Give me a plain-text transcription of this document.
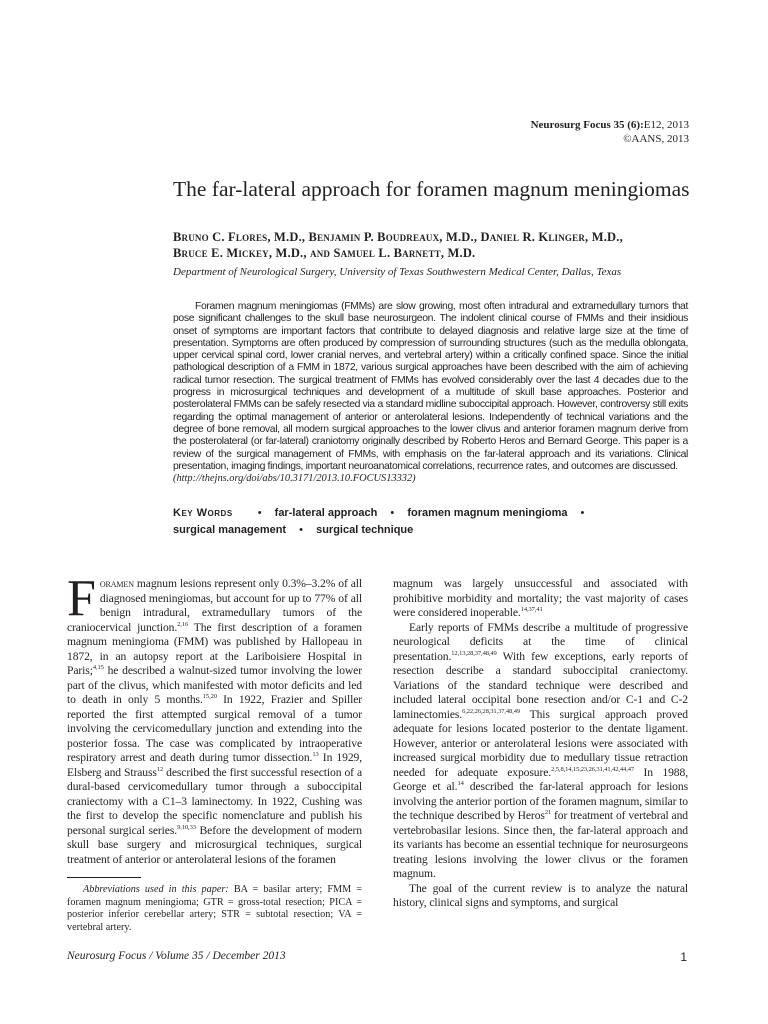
Neurosurg Focus 35 (6):E12, 2013
©AANS, 2013
The far-lateral approach for foramen magnum meningiomas
Bruno C. Flores, M.D., Benjamin P. Boudreaux, M.D., Daniel R. Klinger, M.D.,
Bruce E. Mickey, M.D., and Samuel L. Barnett, M.D.
Department of Neurological Surgery, University of Texas Southwestern Medical Center, Dallas, Texas

Foramen magnum meningiomas (FMMs) are slow growing, most often intradural and extramedullary tumors that pose significant challenges to the skull base neurosurgeon. The indolent clinical course of FMMs and their insidious onset of symptoms are important factors that contribute to delayed diagnosis and relative large size at the time of presentation. Symptoms are often produced by compression of surrounding structures (such as the medulla oblongata, upper cervical spinal cord, lower cranial nerves, and vertebral artery) within a critically confined space. Since the initial pathological description of a FMM in 1872, various surgical approaches have been described with the aim of achieving radical tumor resection. The surgical treatment of FMMs has evolved considerably over the last 4 decades due to the progress in microsurgical techniques and development of a multitude of skull base approaches. Posterior and posterolateral FMMs can be safely resected via a standard midline suboccipital approach. However, controversy still exits regarding the optimal management of anterior or anterolateral lesions. Independently of technical variations and the degree of bone removal, all modern surgical approaches to the lower clivus and anterior foramen magnum derive from the posterolateral (or far-lateral) craniotomy originally described by Roberto Heros and Bernard George. This paper is a review of the surgical management of FMMs, with emphasis on the far-lateral approach and its variations. Clinical presentation, imaging findings, important neuroanatomical correlations, recurrence rates, and outcomes are discussed.

(http://thejns.org/doi/abs/10.3171/2013.10.FOCUS13332)
Key Words • far-lateral approach • foramen magnum meningioma •
surgical management • surgical technique

Foramen magnum lesions represent only 0.3%–3.2% of all diagnosed meningiomas, but account for up to 77% of all benign intradural, extramedullary tumors of the craniocervical junction.$^{2,16}$ The first description of a foramen magnum meningioma (FMM) was published by Hallopeau in 1872, in an autopsy report at the Lariboisiere Hospital in Paris;$^{4,15}$ he described a walnut-sized tumor involving the lower part of the clivus, which manifested with motor deficits and led to death in only 5 months.$^{15,20}$ In 1922, Frazier and Spiller reported the first attempted surgical removal of a tumor involving the cervicomedullary junction and extending into the posterior fossa. The case was complicated by intraoperative respiratory arrest and death during tumor dissection.$^{13}$ In 1929, Elsberg and Strauss$^{12}$ described the first successful resection of a dural-based cervicomedullary tumor through a suboccipital craniectomy with a C1–3 laminectomy. In 1922, Cushing was the first to develop the specific nomenclature and publish his personal surgical series.$^{9,10,33}$ Before the development of modern skull base surgery and microsurgical techniques, surgical treatment of anterior or anterolateral lesions of the foramen

magnum was largely unsuccessful and associated with prohibitive morbidity and mortality; the vast majority of cases were considered inoperable.$^{14,37,41}$

Early reports of FMMs describe a multitude of progressive neurological deficits at the time of clinical presentation.$^{12,13,28,37,48,49}$ With few exceptions, early reports of resection describe a standard suboccipital craniectomy. Variations of the standard technique were described and included lateral occipital bone resection and/or C-1 and C-2 laminectomies.$^{6,22,26,28,31,37,48,49}$ This surgical approach proved adequate for lesions located posterior to the dentate ligament. However, anterior or anterolateral lesions were associated with increased surgical morbidity due to medullary tissue retraction needed for adequate exposure.$^{2,5,8,14,15,23,26,31,41,42,44,47}$ In 1988, George et al.$^{14}$ described the far-lateral approach for lesions involving the anterior portion of the foramen magnum, similar to the technique described by Heros$^{21}$ for treatment of vertebral and vertebrobasilar lesions. Since then, the far-lateral approach and its variants has become an essential technique for neurosurgeons treating lesions involving the lower clivus or the foramen magnum.

The goal of the current review is to analyze the natural history, clinical signs and symptoms, and surgical

Abbreviations used in this paper: BA = basilar artery; FMM = foramen magnum meningioma; GTR = gross-total resection; PICA = posterior inferior cerebellar artery; STR = subtotal resection; VA = vertebral artery.

Neurosurg Focus / Volume 35 / December 2013	1
